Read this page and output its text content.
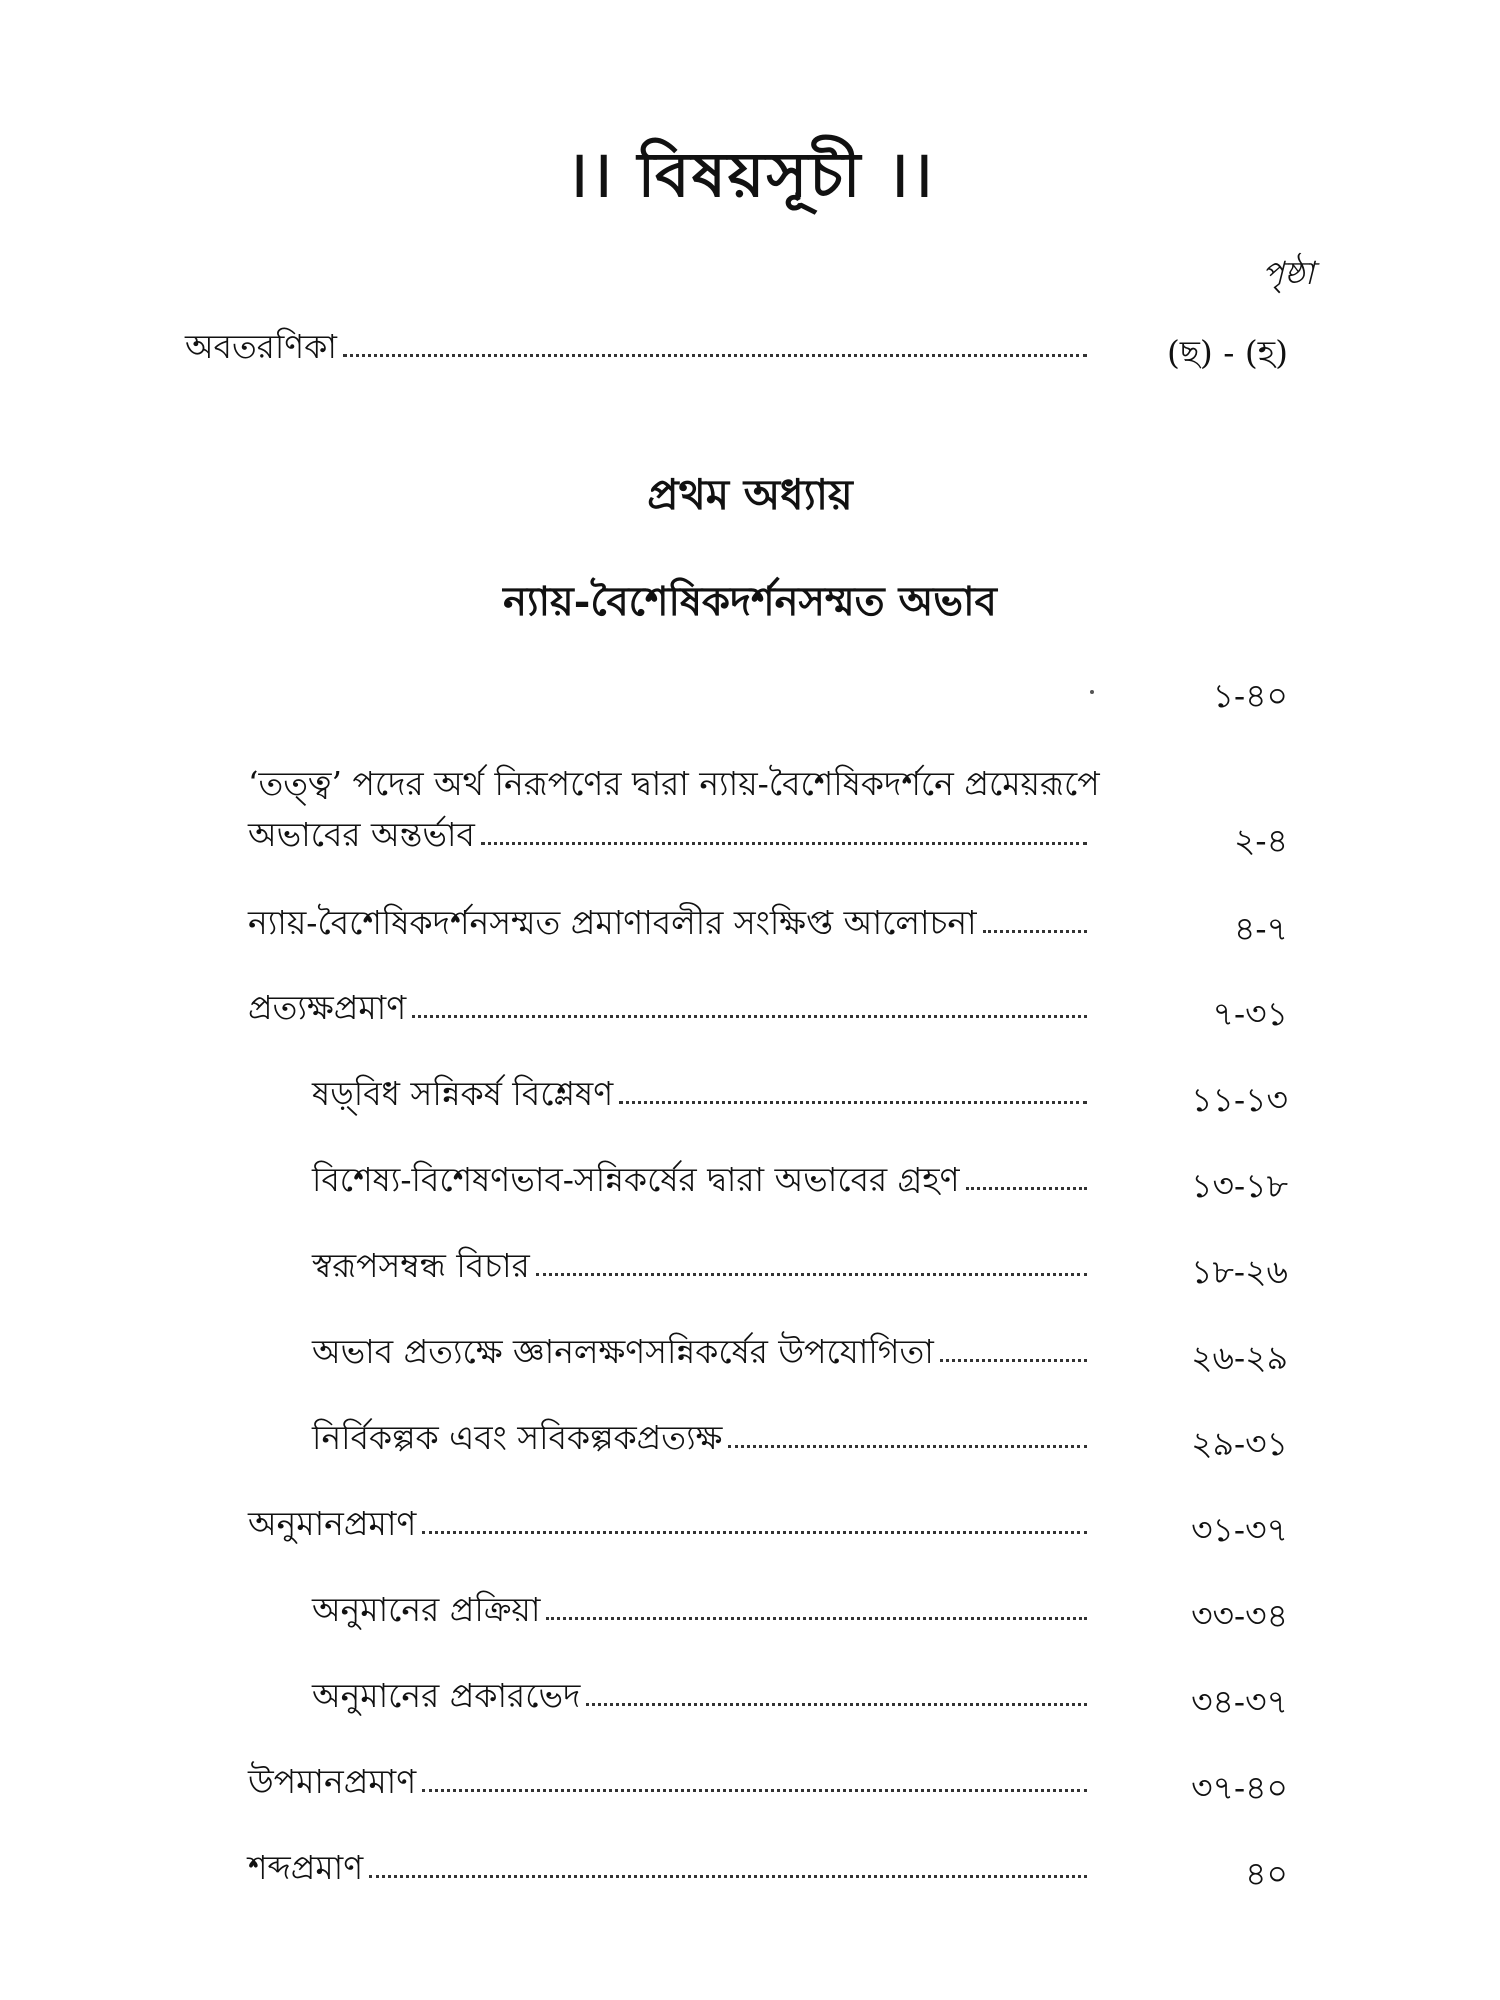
।। বিষয়সূচী ।।
পৃষ্ঠা
অবতরণিকা	(ছ) - (হ)
প্রথম অধ্যায়
ন্যায়-বৈশেষিকদর্শনসম্মত অভাব
১-৪০
‘তত্ত্ব’ পদের অর্থ নিরূপণের দ্বারা ন্যায়-বৈশেষিকদর্শনে প্রমেয়রূপে
অভাবের অন্তর্ভাব	২-৪
ন্যায়-বৈশেষিকদর্শনসম্মত প্রমাণাবলীর সংক্ষিপ্ত আলোচনা	৪-৭
প্রত্যক্ষপ্রমাণ	৭-৩১
ষড়্‌বিধ সন্নিকর্ষ বিশ্লেষণ	১১-১৩
বিশেষ্য-বিশেষণভাব-সন্নিকর্ষের দ্বারা অভাবের গ্রহণ	১৩-১৮
স্বরূপসম্বন্ধ বিচার	১৮-২৬
অভাব প্রত্যক্ষে জ্ঞানলক্ষণসন্নিকর্ষের উপযোগিতা	২৬-২৯
নির্বিকল্পক এবং সবিকল্পকপ্রত্যক্ষ	২৯-৩১
অনুমানপ্রমাণ	৩১-৩৭
অনুমানের প্রক্রিয়া	৩৩-৩৪
অনুমানের প্রকারভেদ	৩৪-৩৭
উপমানপ্রমাণ	৩৭-৪০
শব্দপ্রমাণ	৪০
